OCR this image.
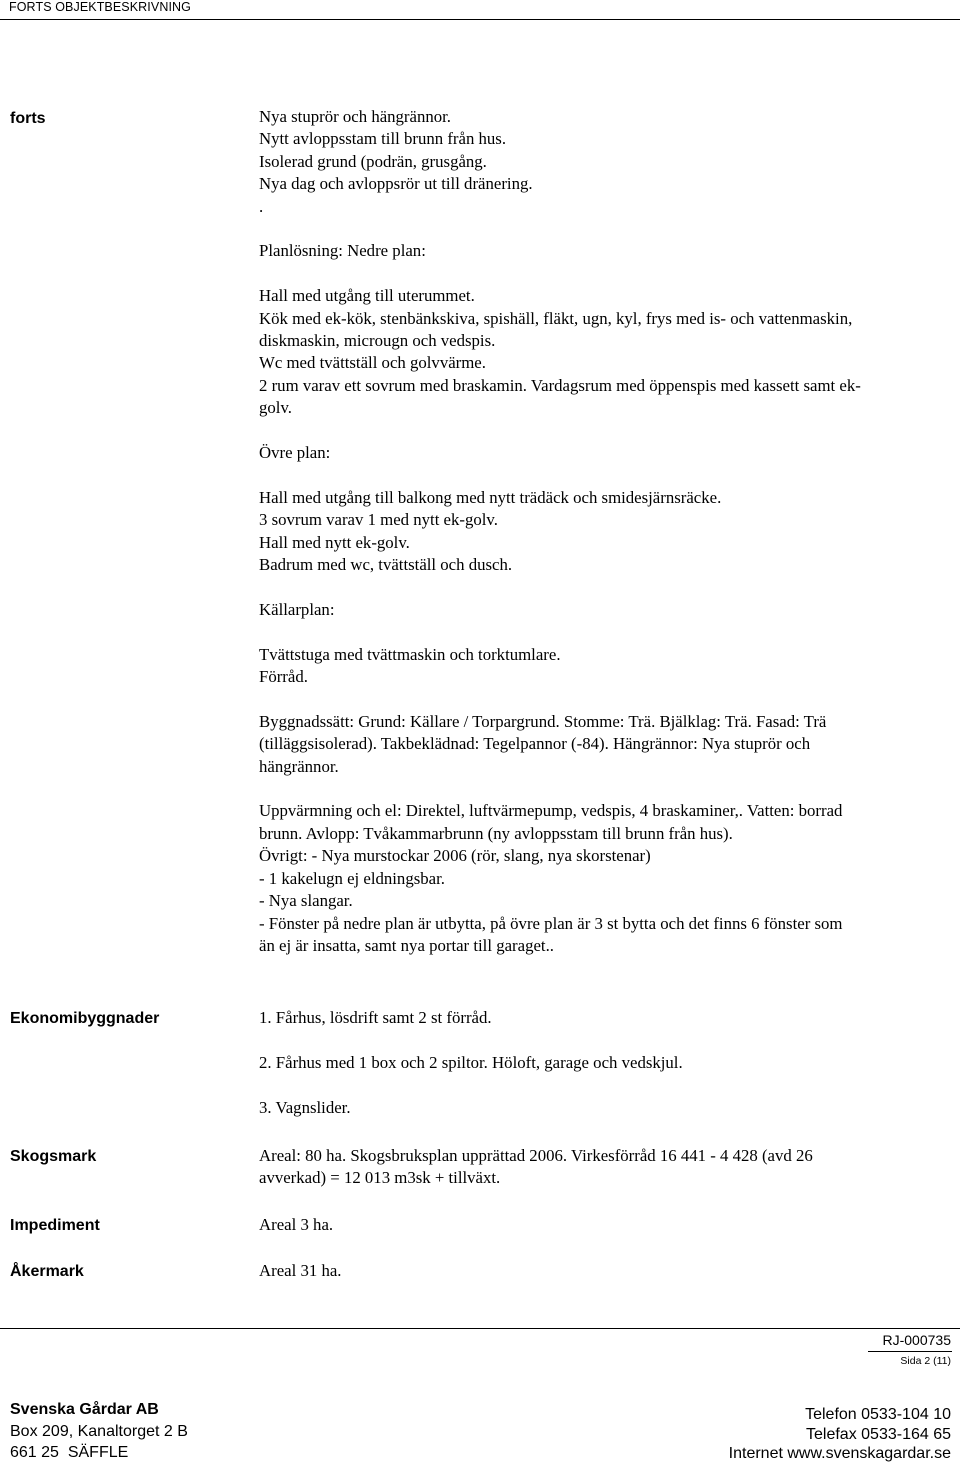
FORTS OBJEKTBESKRIVNING
forts	Nya stuprör och hängrännor.
Nytt avloppsstam till brunn från hus.
Isolerad grund (podrän, grusgång.
Nya dag och avloppsrör ut till dränering.
.
Planlösning: Nedre plan:
Hall med utgång till uterummet.
Kök med ek-kök, stenbänkskiva, spishäll, fläkt, ugn, kyl, frys med is- och vattenmaskin,
diskmaskin, microugn och vedspis.
Wc med tvättställ och golvvärme.
2 rum varav ett sovrum med braskamin. Vardagsrum med öppenspis med kassett samt ek-
golv.
Övre plan:
Hall med utgång till balkong med nytt trädäck och smidesjärnsräcke.
3 sovrum varav 1 med nytt ek-golv.
Hall med nytt ek-golv.
Badrum med wc, tvättställ och dusch.
Källarplan:
Tvättstuga med tvättmaskin och torktumlare.
Förråd.
Byggnadssätt: Grund: Källare / Torpargrund. Stomme: Trä. Bjälklag: Trä. Fasad: Trä
(tilläggsisolerad). Takbeklädnad: Tegelpannor (-84). Hängrännor: Nya stuprör och
hängrännor.
Uppvärmning och el: Direktel, luftvärmepump, vedspis, 4 braskaminer,. Vatten: borrad
brunn. Avlopp: Tvåkammarbrunn (ny avloppsstam till brunn från hus).
Övrigt: - Nya murstockar 2006 (rör, slang, nya skorstenar)
- 1 kakelugn ej eldningsbar.
- Nya slangar.
- Fönster på nedre plan är utbytta, på övre plan är 3 st bytta och det finns 6 fönster som
än ej är insatta, samt nya portar till garaget..
Ekonomibyggnader	1. Fårhus, lösdrift samt 2 st förråd.
2. Fårhus med 1 box och 2 spiltor. Höloft, garage och vedskjul.
3. Vagnslider.
Skogsmark	Areal: 80 ha. Skogsbruksplan upprättad 2006. Virkesförråd 16 441 - 4 428 (avd 26
avverkad) = 12 013 m3sk + tillväxt.
Impediment	Areal 3 ha.
Åkermark	Areal 31 ha.
RJ-000735
Sida 2 (11)
Svenska Gårdar AB
Box 209, Kanaltorget 2 B
661 25  SÄFFLE
Telefon 0533-104 10
Telefax 0533-164 65
Internet www.svenskagardar.se
